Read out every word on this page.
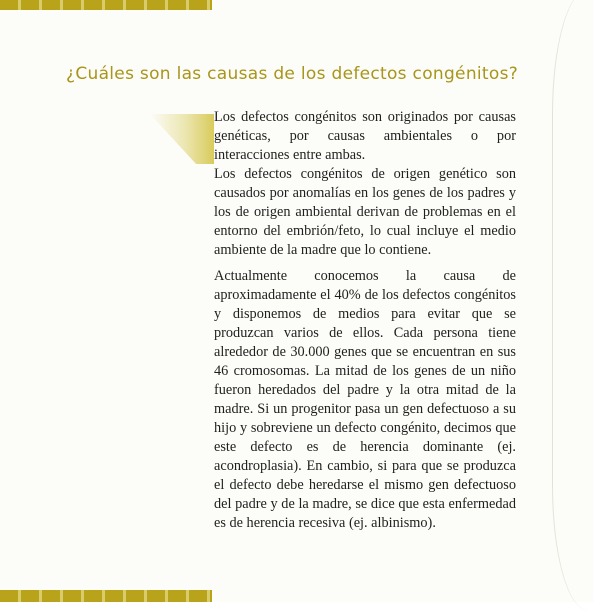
¿Cuáles son las causas de los defectos congénitos?

Los defectos congénitos son originados por causas genéticas, por causas ambientales o por interacciones entre ambas.

Los defectos congénitos de origen genético son causados por anomalías en los genes de los padres y los de origen ambiental derivan de problemas en el entorno del embrión/feto, lo cual incluye el medio ambiente de la madre que lo contiene.

Actualmente conocemos la causa de aproximadamente el 40% de los defectos congénitos y disponemos de medios para evitar que se produzcan varios de ellos. Cada persona tiene alrededor de 30.000 genes que se encuentran en sus 46 cromosomas. La mitad de los genes de un niño fueron heredados del padre y la otra mitad de la madre. Si un progenitor pasa un gen defectuoso a su hijo y sobreviene un defecto congénito, decimos que este defecto es de herencia dominante (ej. acondroplasia). En cambio, si para que se produzca el defecto debe heredarse el mismo gen defectuoso del padre y de la madre, se dice que esta enfermedad es de herencia recesiva (ej. albinismo).
